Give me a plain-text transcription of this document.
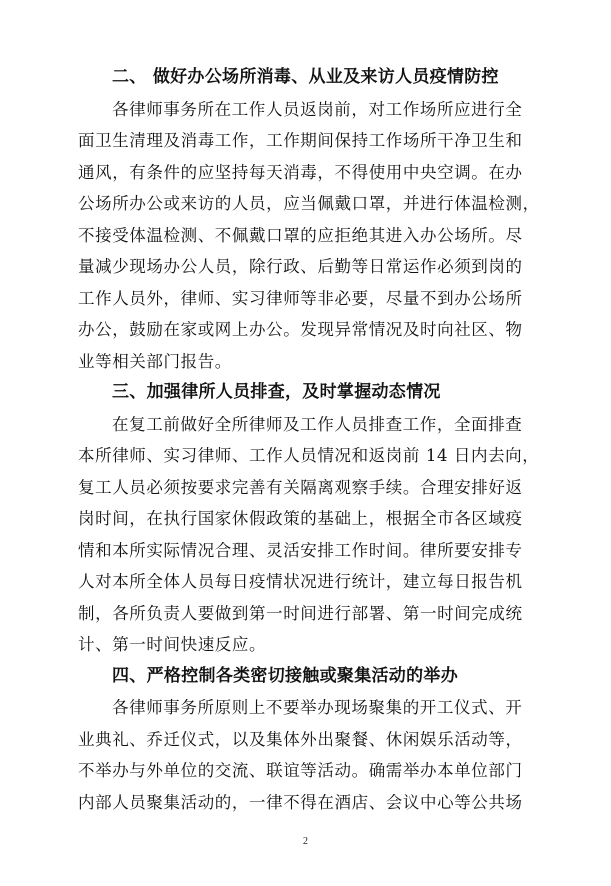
二、 做好办公场所消毒、从业及来访人员疫情防控

各律师事务所在工作人员返岗前，对工作场所应进行全
面卫生清理及消毒工作，工作期间保持工作场所干净卫生和
通风，有条件的应坚持每天消毒，不得使用中央空调。在办
公场所办公或来访的人员，应当佩戴口罩，并进行体温检测，
不接受体温检测、不佩戴口罩的应拒绝其进入办公场所。尽
量减少现场办公人员，除行政、后勤等日常运作必须到岗的
工作人员外，律师、实习律师等非必要，尽量不到办公场所
办公，鼓励在家或网上办公。发现异常情况及时向社区、物
业等相关部门报告。

三、加强律所人员排查，及时掌握动态情况

在复工前做好全所律师及工作人员排查工作，全面排查
本所律师、实习律师、工作人员情况和返岗前 14 日内去向，
复工人员必须按要求完善有关隔离观察手续。合理安排好返
岗时间，在执行国家休假政策的基础上，根据全市各区域疫
情和本所实际情况合理、灵活安排工作时间。律所要安排专
人对本所全体人员每日疫情状况进行统计，建立每日报告机
制，各所负责人要做到第一时间进行部署、第一时间完成统
计、第一时间快速反应。

四、严格控制各类密切接触或聚集活动的举办

各律师事务所原则上不要举办现场聚集的开工仪式、开
业典礼、乔迁仪式，以及集体外出聚餐、休闲娱乐活动等，
不举办与外单位的交流、联谊等活动。确需举办本单位部门
内部人员聚集活动的，一律不得在酒店、会议中心等公共场
2
